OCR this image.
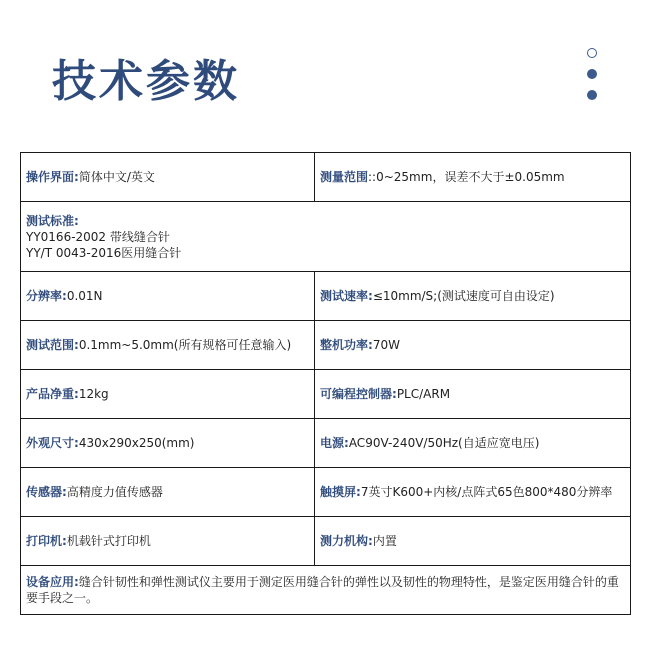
技术参数
操作界面:简体中文/英文	测量范围::0~25mm，误差不大于±0.05mm

测试标准:
YY0166-2002 带线缝合针
YY/T 0043-2016医用缝合针	

分辨率:0.01N	测试速率:≤10mm/S;(测试速度可自由设定)
测试范围:0.1mm~5.0mm(所有规格可任意输入)	整机功率:70W
产品净重:12kg	可编程控制器:PLC/ARM
外观尺寸:430x290x250(mm)	电源:AC90V-240V/50Hz(自适应宽电压)
传感器:高精度力值传感器	触摸屏:7英寸K600+内核/点阵式65色800*480分辨率
打印机:机载针式打印机	测力机构:内置
设备应用:缝合针韧性和弹性测试仪主要用于测定医用缝合针的弹性以及韧性的物理特性，是鉴定医用缝合针的重要手段之一。	
